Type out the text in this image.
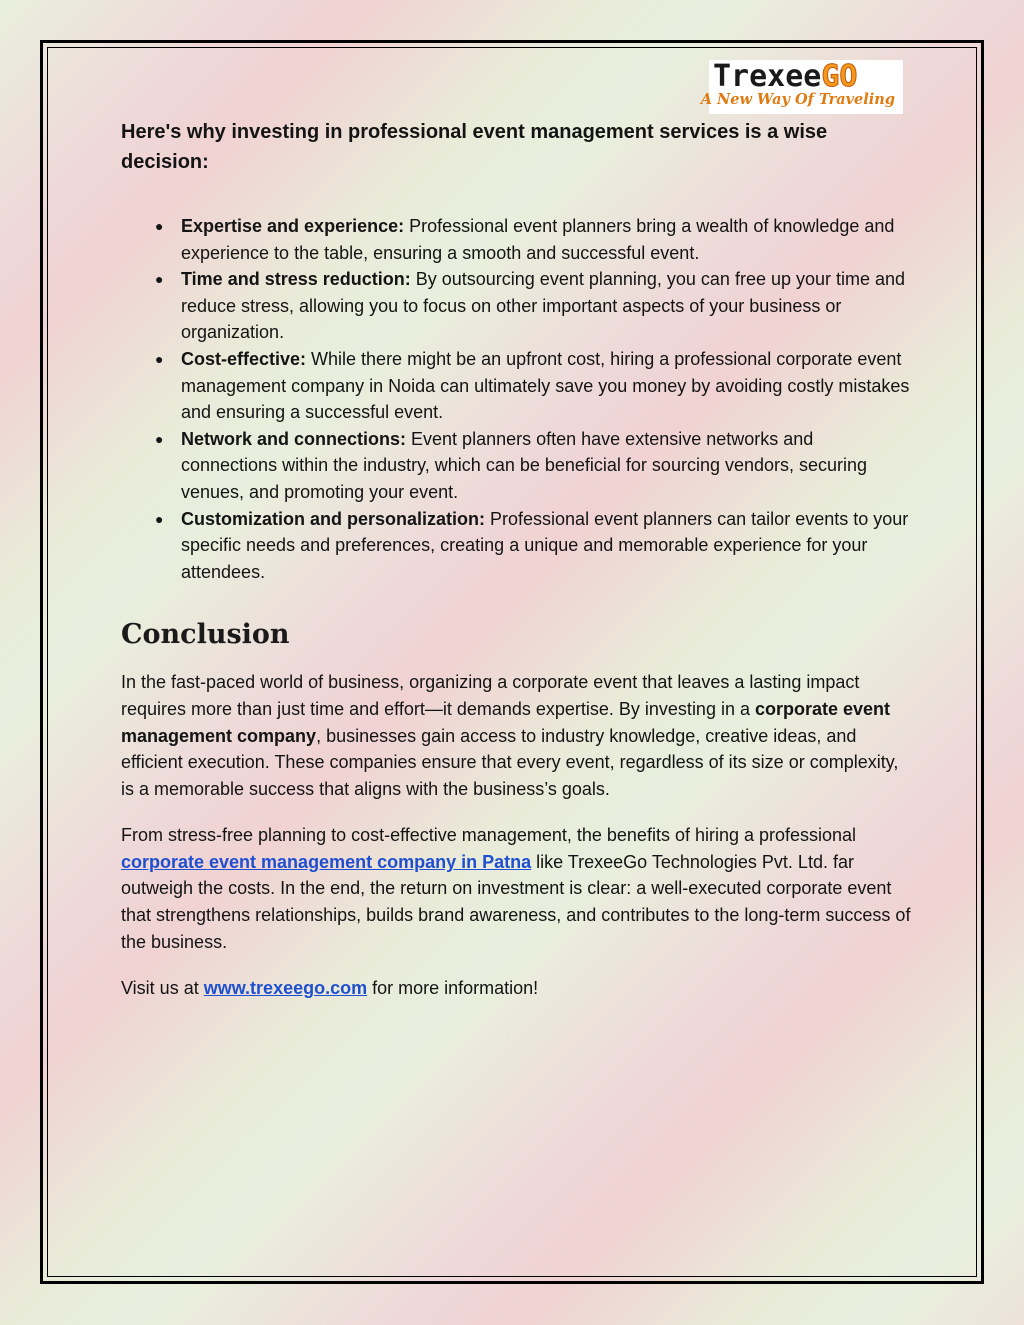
TrexeeGO
A New Way Of Traveling
Here's why investing in professional event management services is a wise decision:
● Expertise and experience: Professional event planners bring a wealth of knowledge and experience to the table, ensuring a smooth and successful event.
● Time and stress reduction: By outsourcing event planning, you can free up your time and reduce stress, allowing you to focus on other important aspects of your business or organization.
● Cost-effective: While there might be an upfront cost, hiring a professional corporate event management company in Noida can ultimately save you money by avoiding costly mistakes and ensuring a successful event.
● Network and connections: Event planners often have extensive networks and connections within the industry, which can be beneficial for sourcing vendors, securing venues, and promoting your event.
● Customization and personalization: Professional event planners can tailor events to your specific needs and preferences, creating a unique and memorable experience for your attendees.
Conclusion

In the fast-paced world of business, organizing a corporate event that leaves a lasting impact requires more than just time and effort—it demands expertise. By investing in a corporate event management company, businesses gain access to industry knowledge, creative ideas, and efficient execution. These companies ensure that every event, regardless of its size or complexity, is a memorable success that aligns with the business’s goals.

From stress-free planning to cost-effective management, the benefits of hiring a professional corporate event management company in Patna like TrexeeGo Technologies Pvt. Ltd. far outweigh the costs. In the end, the return on investment is clear: a well-executed corporate event that strengthens relationships, builds brand awareness, and contributes to the long-term success of the business.

Visit us at www.trexeego.com for more information!
